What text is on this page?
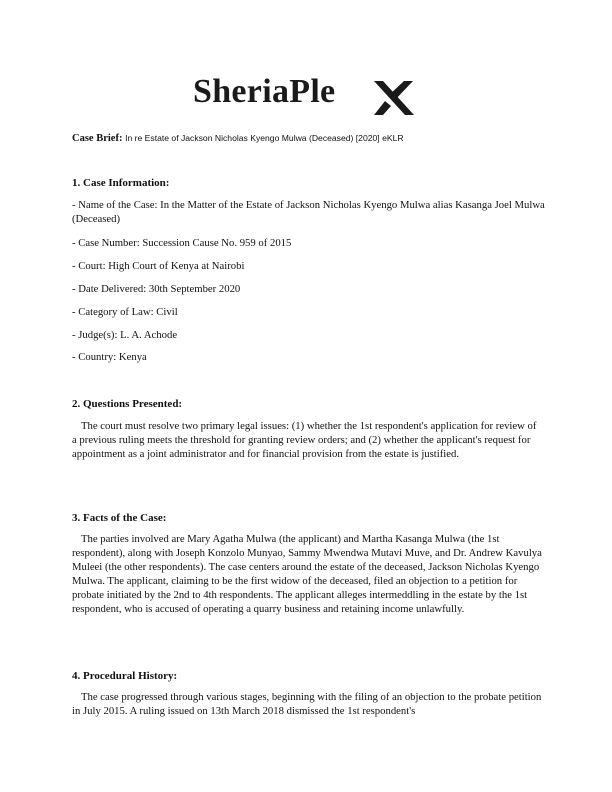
SheriaPle
Case Brief: In re Estate of Jackson Nicholas Kyengo Mulwa (Deceased) [2020] eKLR
1. Case Information:
- Name of the Case: In the Matter of the Estate of Jackson Nicholas Kyengo Mulwa alias Kasanga Joel Mulwa (Deceased)
- Case Number: Succession Cause No. 959 of 2015
- Court: High Court of Kenya at Nairobi
- Date Delivered: 30th September 2020
- Category of Law: Civil
- Judge(s): L. A. Achode
- Country: Kenya
2. Questions Presented:
The court must resolve two primary legal issues: (1) whether the 1st respondent's application for review of a previous ruling meets the threshold for granting review orders; and (2) whether the applicant's request for appointment as a joint administrator and for financial provision from the estate is justified.
3. Facts of the Case:
The parties involved are Mary Agatha Mulwa (the applicant) and Martha Kasanga Mulwa (the 1st respondent), along with Joseph Konzolo Munyao, Sammy Mwendwa Mutavi Muve, and Dr. Andrew Kavulya Muleei (the other respondents). The case centers around the estate of the deceased, Jackson Nicholas Kyengo Mulwa. The applicant, claiming to be the first widow of the deceased, filed an objection to a petition for probate initiated by the 2nd to 4th respondents. The applicant alleges intermeddling in the estate by the 1st respondent, who is accused of operating a quarry business and retaining income unlawfully.
4. Procedural History:
The case progressed through various stages, beginning with the filing of an objection to the probate petition in July 2015. A ruling issued on 13th March 2018 dismissed the 1st respondent's
